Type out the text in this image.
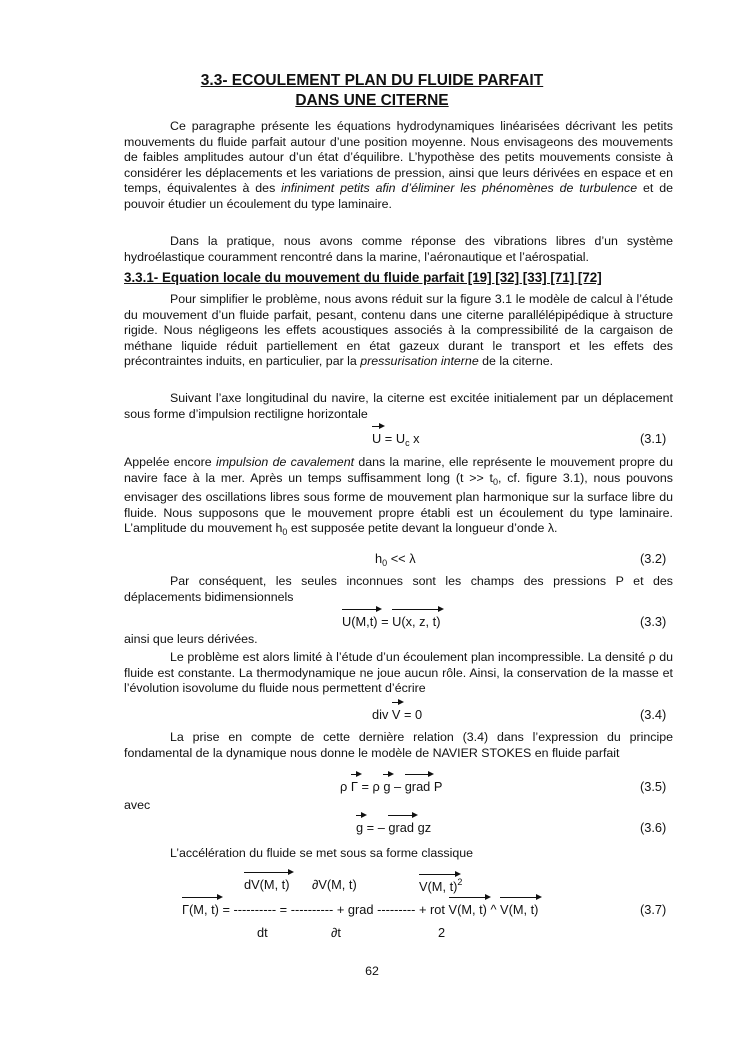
3.3- ECOULEMENT PLAN DU FLUIDE PARFAIT
DANS UNE CITERNE

Ce paragraphe présente les équations hydrodynamiques linéarisées décrivant les petits mouvements du fluide parfait autour d’une position moyenne. Nous envisageons des mouvements de faibles amplitudes autour d’un état d’équilibre. L’hypothèse des petits mouvements consiste à considérer les déplacements et les variations de pression, ainsi que leurs dérivées en espace et en temps, équivalentes à des infiniment petits afin d’éliminer les phénomènes de turbulence et de pouvoir étudier un écoulement du type laminaire.

Dans la pratique, nous avons comme réponse des vibrations libres d’un système hydroélastique couramment rencontré dans la marine, l’aéronautique et l’aérospatial.

3.3.1- Equation locale du mouvement du fluide parfait [19] [32] [33] [71] [72]

Pour simplifier le problème, nous avons réduit sur la figure 3.1 le modèle de calcul à l’étude du mouvement d’un fluide parfait, pesant, contenu dans une citerne parallélépipédique à structure rigide. Nous négligeons les effets acoustiques associés à la compressibilité de la cargaison de méthane liquide réduit partiellement en état gazeux durant le transport et les effets des précontraintes induits, en particulier, par la pressurisation interne de la citerne.

Suivant l’axe longitudinal du navire, la citerne est excitée initialement par un déplacement sous forme d’impulsion rectiligne horizontale

$U = U_c$ x	(3.1)

Appelée encore impulsion de cavalement dans la marine, elle représente le mouvement propre du navire face à la mer. Après un temps suffisamment long ($t >> t_0$, cf. figure 3.1), nous pouvons envisager des oscillations libres sous forme de mouvement plan harmonique sur la surface libre du fluide. Nous supposons que le mouvement propre établi est un écoulement du type laminaire. L’amplitude du mouvement $h_0$ est supposée petite devant la longueur d’onde λ.

$h_0 << \lambda$	(3.2)

Par conséquent, les seules inconnues sont les champs des pressions P et des déplacements bidimensionnels

U(M,t) = U(x, z, t)	(3.3)
ainsi que leurs dérivées.

Le problème est alors limité à l’étude d’un écoulement plan incompressible. La densité ρ du fluide est constante. La thermodynamique ne joue aucun rôle. Ainsi, la conservation de la masse et l’évolution isovolume du fluide nous permettent d’écrire

div V = 0	(3.4)

La prise en compte de cette dernière relation (3.4) dans l’expression du principe fondamental de la dynamique nous donne le modèle de NAVIER STOKES en fluide parfait

ρ Γ = ρ g – grad P	(3.5)
avec
g = – grad gz	(3.6)
L’accélération du fluide se met sous sa forme classique
dV(M, t) ∂V(M, t)	V(M, t)$^2$
Γ(M, t) = ---------- = ---------- + grad --------- + rot V(M, t) ^ V(M, t)	(3.7)
dt	∂t	2
62
